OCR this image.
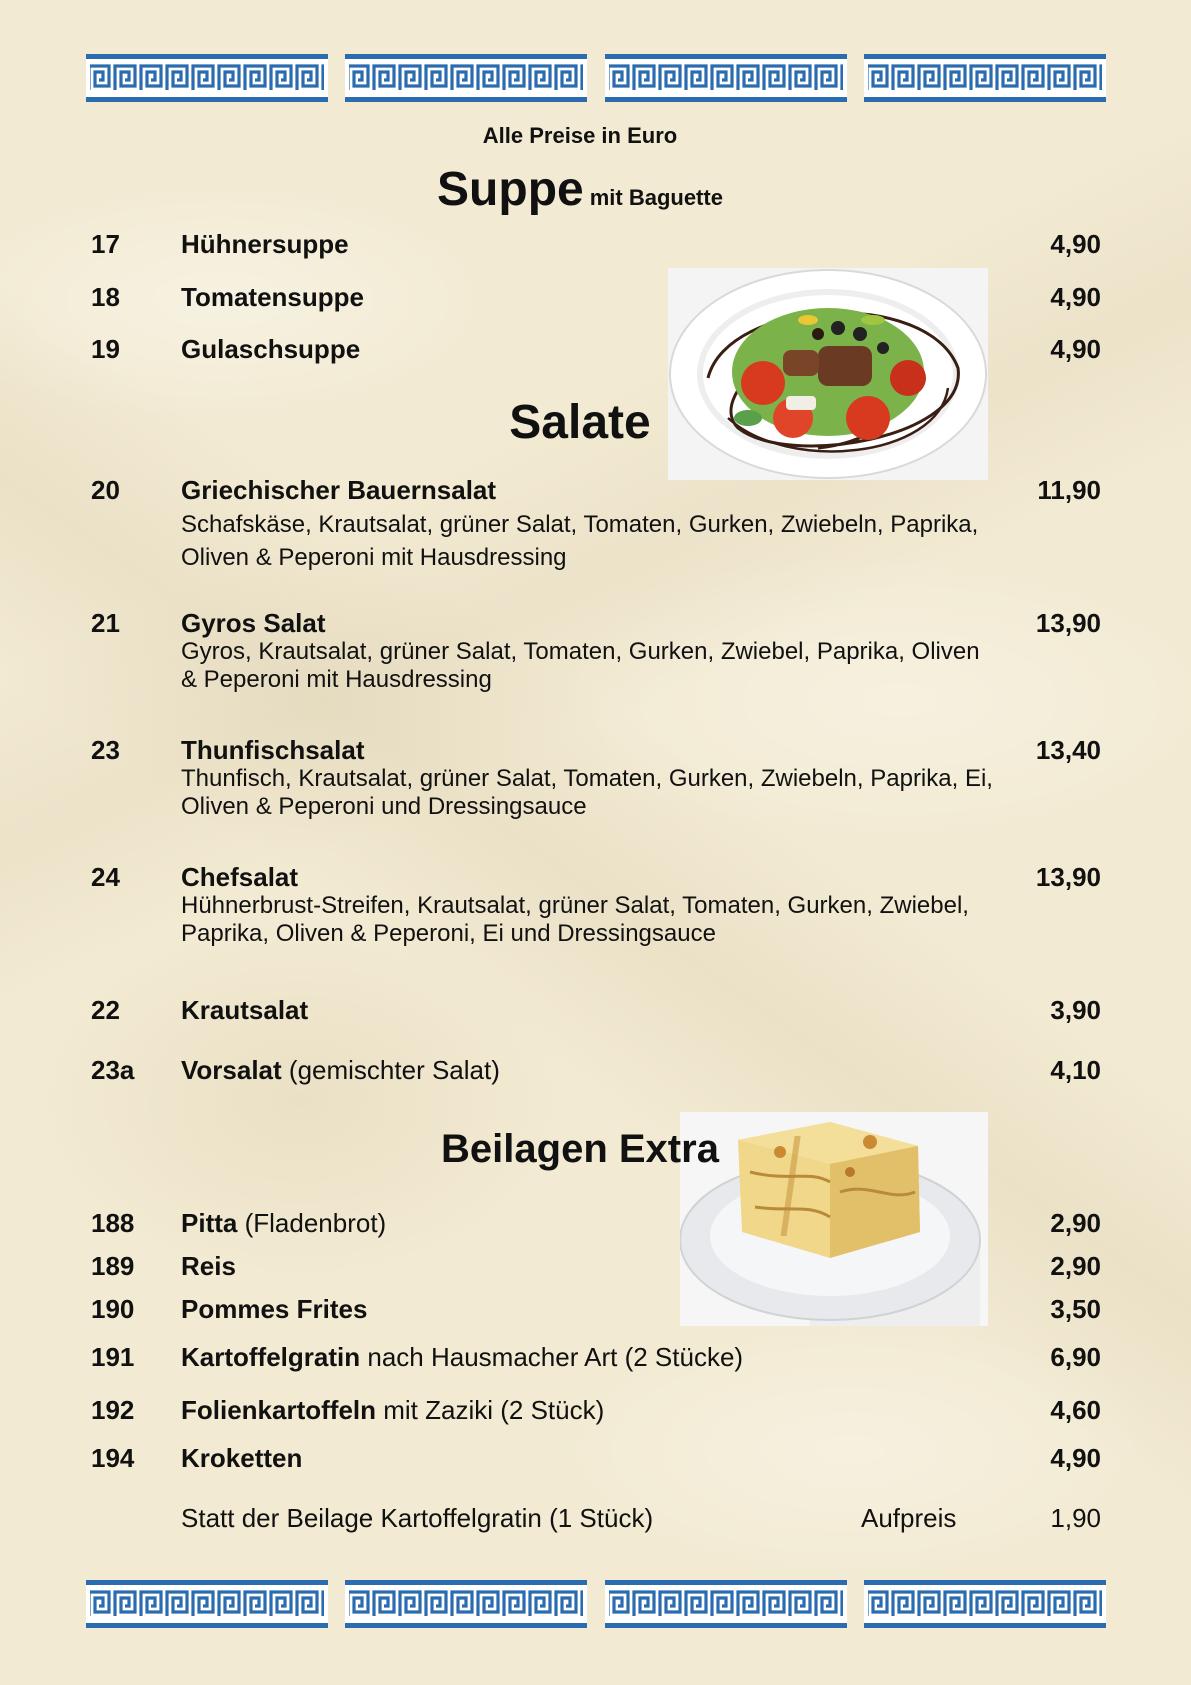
Alle Preise in Euro
Suppe mit Baguette
17 Hühnersuppe	4,90
18 Tomatensuppe	4,90
19 Gulaschsuppe	4,90
Salate
20 Griechischer Bauernsalat	11,90
Schafskäse, Krautsalat, grüner Salat, Tomaten, Gurken, Zwiebeln, Paprika, Oliven & Peperoni mit Hausdressing
21 Gyros Salat	13,90
Gyros, Krautsalat, grüner Salat, Tomaten, Gurken, Zwiebel, Paprika, Oliven & Peperoni mit Hausdressing
23 Thunfischsalat	13,40
Thunfisch, Krautsalat, grüner Salat, Tomaten, Gurken, Zwiebeln, Paprika, Ei, Oliven & Peperoni und Dressingsauce
24 Chefsalat	13,90
Hühnerbrust-Streifen, Krautsalat, grüner Salat, Tomaten, Gurken, Zwiebel, Paprika, Oliven & Peperoni, Ei und Dressingsauce
22 Krautsalat	3,90
23a Vorsalat (gemischter Salat)	4,10
Beilagen Extra
188 Pitta (Fladenbrot)	2,90
189 Reis	2,90
190 Pommes Frites	3,50
191 Kartoffelgratin nach Hausmacher Art (2 Stücke)	6,90
192 Folienkartoffeln mit Zaziki (2 Stück)	4,60
194 Kroketten	4,90
Statt der Beilage Kartoffelgratin (1 Stück)	Aufpreis	1,90
